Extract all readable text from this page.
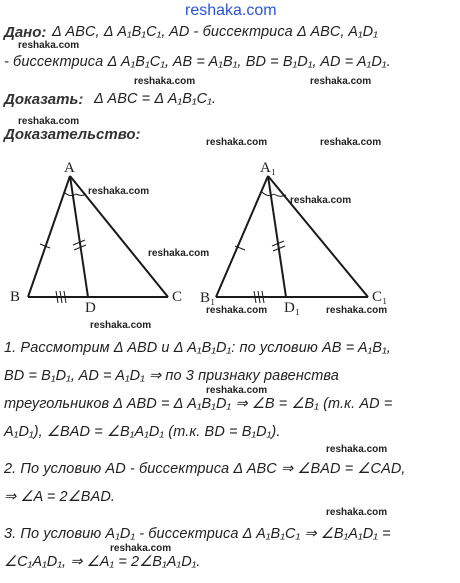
reshaka.com
Дано: Δ ABC, Δ A₁B₁C₁, AD - биссектриса Δ ABC, A₁D₁
reshaka.com
- биссектриса Δ A₁B₁C₁, AB = A₁B₁, BD = B₁D₁, AD = A₁D₁.
reshaka.com	reshaka.com
Доказать: Δ ABC = Δ A₁B₁C₁.
reshaka.com
Доказательство:	reshaka.com	reshaka.com
A
B	C
D
A₁
B₁	C₁
D₁
reshaka.com
reshaka.com
reshaka.com
reshaka.com	reshaka.com
reshaka.com
1. Рассмотрим Δ ABD и Δ A₁B₁D₁: по условию AB = A₁B₁,
BD = B₁D₁, AD = A₁D₁ ⇒ по 3 признаку равенства
reshaka.com
треугольников Δ ABD = Δ A₁B₁D₁ ⇒ ∠B = ∠B₁ (т.к. AD =
A₁D₁), ∠BAD = ∠B₁A₁D₁ (т.к. BD = B₁D₁).
reshaka.com
2. По условию AD - биссектриса Δ ABC ⇒ ∠BAD = ∠CAD,
⇒ ∠A = 2∠BAD.
reshaka.com
3. По условию A₁D₁ - биссектриса Δ A₁B₁C₁ ⇒ ∠B₁A₁D₁ =
reshaka.com
∠C₁A₁D₁, ⇒ ∠A₁ = 2∠B₁A₁D₁.
